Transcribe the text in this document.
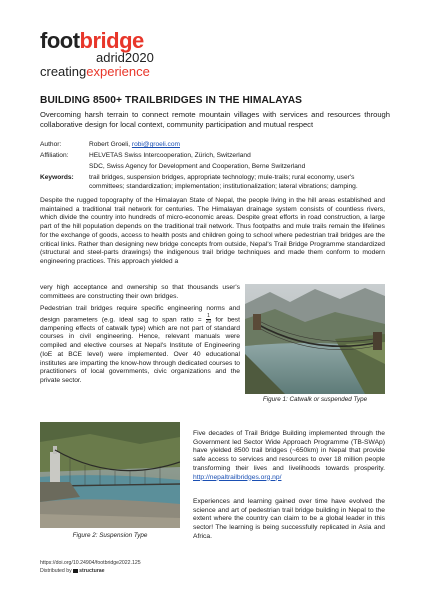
footbridge
adrid2020
creatingexperience
BUILDING 8500+ TRAILBRIDGES IN THE HIMALAYAS
Overcoming harsh terrain to connect remote mountain villages with services and resources through collaborative design for local context, community participation and mutual respect
Author:	Robert Groeli, robi@groeli.com
Affiliation:	HELVETAS Swiss Intercooperation, Zürich, Switzerland
SDC, Swiss Agency for Development and Cooperation, Berne Switzerland
Keywords:	trail bridges, suspension bridges, appropriate technology; mule-trails; rural economy, user's committees; standardization; implementation; institutionalization; lateral vibrations; damping.
Despite the rugged topography of the Himalayan State of Nepal, the people living in the hill areas established and maintained a traditional trail network for centuries. The Himalayan drainage system consists of countless rivers, which divide the country into hundreds of micro-economic areas. Despite great efforts in road construction, a large part of the hill population depends on the traditional trail network. Thus footpaths and mule trails remain the lifelines for the exchange of goods, access to health posts and children going to school where pedestrian trail bridges are the critical links. Rather than designing new bridge concepts from outside, Nepal's Trail Bridge Programme standardized (structural and steel-parts drawings) the indigenous trail bridge techniques and made them conform to modern engineering practices. This approach yielded a
very high acceptance and ownership so that thousands user's committees are constructing their own bridges.
Pedestrian trail bridges require specific engineering norms and design parameters (e.g. ideal sag to span ratio = $\frac{1}{20}$ for best dampening effects of catwalk type) which are not part of standard courses in civil engineering. Hence, relevant manuals were compiled and elective courses at Nepal's Institute of Engineering (IoE at BCE level) were implemented. Over 40 educational institutes are imparting the know-how through dedicated courses to practitioners of local governments, civic organizations and the private sector.
Figure 1: Catwalk or suspended Type
Figure 2: Suspension Type
Five decades of Trail Bridge Building implemented through the Government led Sector Wide Approach Programme (TB-SWAp) have yielded 8500 trail bridges (~650km) in Nepal that provide safe access to services and resources to over 18 million people transforming their lives and livelihoods towards prosperity. http://nepaltrailbridges.org.np/
Experiences and learning gained over time have evolved the science and art of pedestrian trail bridge building in Nepal to the extent where the country can claim to be a global leader in this sector! The learning is being successfully replicated in Asia and Africa.
https://doi.org/10.24904/footbridge2022.125
Distributed by structurae
